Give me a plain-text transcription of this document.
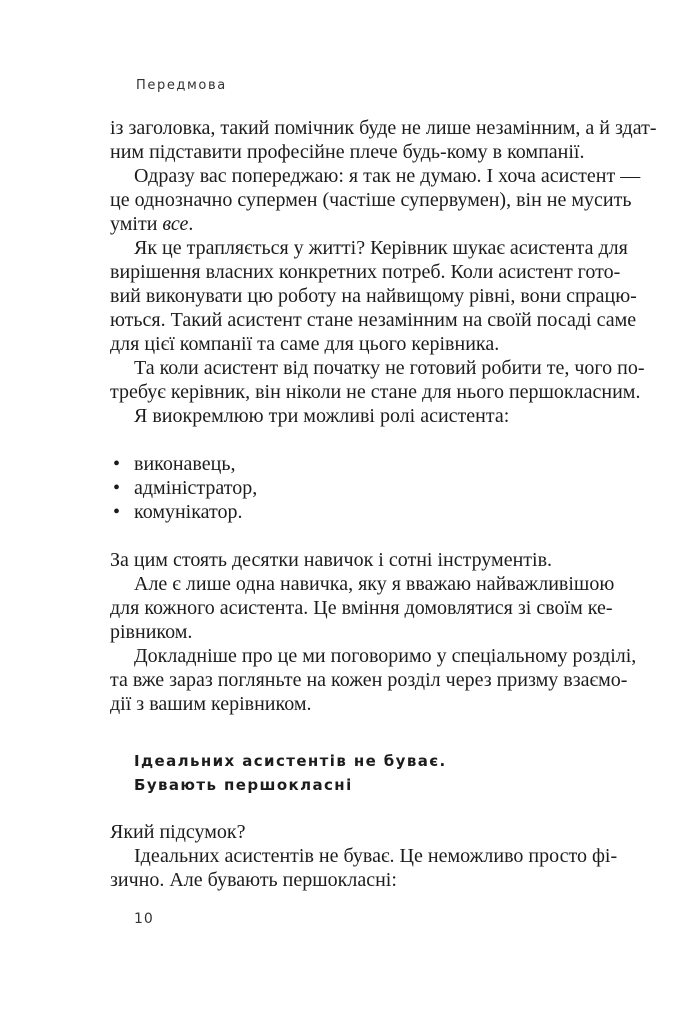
Передмова
із заголовка, такий помічник буде не лише незамінним, а й здат-
ним підставити професійне плече будь-кому в компанії.
Одразу вас попереджаю: я так не думаю. І хоча асистент —
це однозначно супермен (частіше супервумен), він не мусить
уміти все.
Як це трапляється у житті? Керівник шукає асистента для
вирішення власних конкретних потреб. Коли асистент гото-
вий виконувати цю роботу на найвищому рівні, вони спрацю-
ються. Такий асистент стане незамінним на своїй посаді саме
для цієї компанії та саме для цього керівника.
Та коли асистент від початку не готовий робити те, чого по-
требує керівник, він ніколи не стане для нього першокласним.
Я виокремлюю три можливі ролі асистента:
• виконавець,
• адміністратор,
• комунікатор.
За цим стоять десятки навичок і сотні інструментів.
Але є лише одна навичка, яку я вважаю найважливішою
для кожного асистента. Це вміння домовлятися зі своїм ке-
рівником.
Докладніше про це ми поговоримо у спеціальному розділі,
та вже зараз погляньте на кожен розділ через призму взаємо-
дії з вашим керівником.
Ідеальних асистентів не буває.
Бувають першокласні
Який підсумок?
Ідеальних асистентів не буває. Це неможливо просто фі-
зично. Але бувають першокласні:
10
